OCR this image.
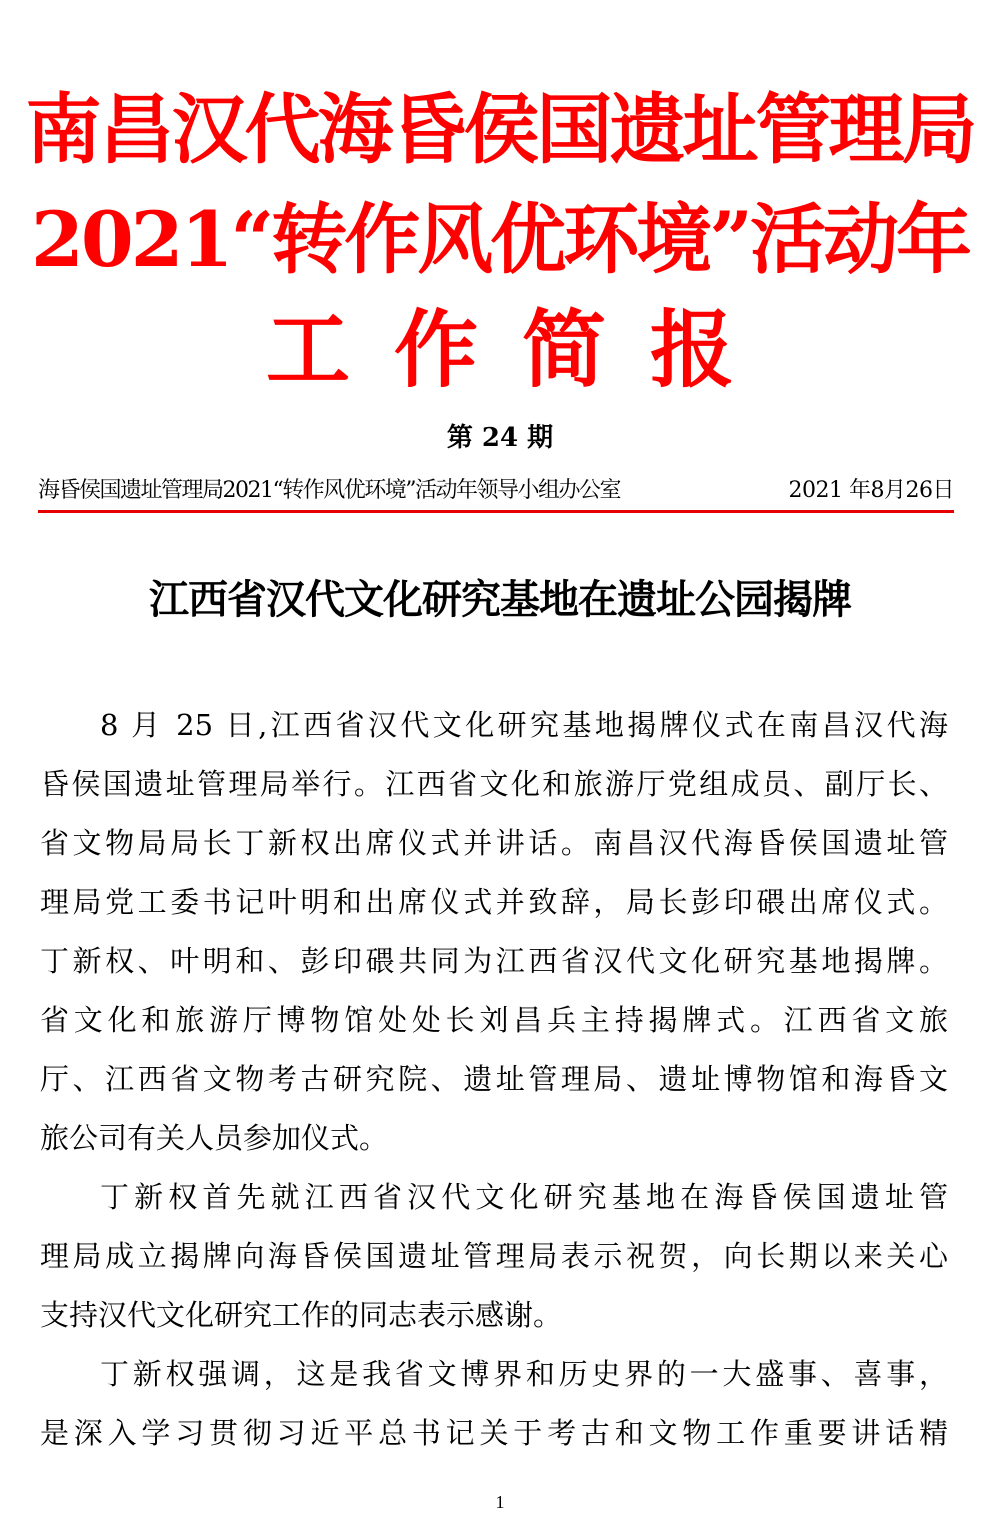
南昌汉代海昏侯国遗址管理局
2021“转作风优环境”活动年
工作简报
第 24 期
海昏侯国遗址管理局2021“转作风优环境”活动年领导小组办公室	2021 年8月26日
江西省汉代文化研究基地在遗址公园揭牌

8 月 25 日,江西省汉代文化研究基地揭牌仪式在南昌汉代海
昏侯国遗址管理局举行。江西省文化和旅游厅党组成员、副厅长、
省文物局局长丁新权出席仪式并讲话。南昌汉代海昏侯国遗址管
理局党工委书记叶明和出席仪式并致辞，局长彭印碨出席仪式。
丁新权、叶明和、彭印碨共同为江西省汉代文化研究基地揭牌。
省文化和旅游厅博物馆处处长刘昌兵主持揭牌式。江西省文旅
厅、江西省文物考古研究院、遗址管理局、遗址博物馆和海昏文
旅公司有关人员参加仪式。

丁新权首先就江西省汉代文化研究基地在海昏侯国遗址管
理局成立揭牌向海昏侯国遗址管理局表示祝贺，向长期以来关心
支持汉代文化研究工作的同志表示感谢。

丁新权强调，这是我省文博界和历史界的一大盛事、喜事，
是深入学习贯彻习近平总书记关于考古和文物工作重要讲话精

1
